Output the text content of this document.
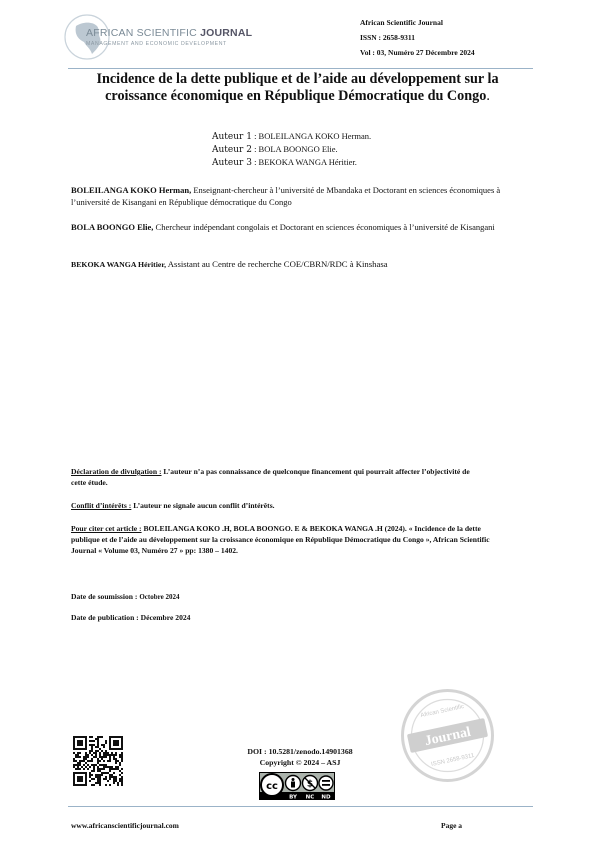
AFRICAN SCIENTIFIC JOURNAL
MANAGEMENT AND ECONOMIC DEVELOPMENT
African Scientific Journal
ISSN : 2658-9311
Vol : 03, Numéro 27 Décembre 2024
Incidence de la dette publique et de l’aide au développement sur la
croissance économique en République Démocratique du Congo.
Auteur 1 : BOLEILANGA KOKO Herman.
Auteur 2 : BOLA BOONGO Elie.
Auteur 3 : BEKOKA WANGA Héritier.
BOLEILANGA KOKO Herman, Enseignant-chercheur à l’université de Mbandaka et Doctorant en sciences économiques à l’université de Kisangani en République démocratique du Congo
BOLA BOONGO Elie, Chercheur indépendant congolais et Doctorant en sciences économiques à l’université de Kisangani
BEKOKA WANGA Héritier, Assistant au Centre de recherche COE/CBRN/RDC à Kinshasa
Déclaration de divulgation : L’auteur n’a pas connaissance de quelconque financement qui pourrait affecter l’objectivité de cette étude.
Conflit d’intérêts : L’auteur ne signale aucun conflit d’intérêts.
Pour citer cet article : BOLEILANGA KOKO .H, BOLA BOONGO. E & BEKOKA WANGA .H (2024). « Incidence de la dette publique et de l’aide au développement sur la croissance économique en République Démocratique du Congo », African Scientific Journal « Volume 03, Numéro 27 » pp: 1380 – 1402.
Date de soumission : Octobre 2024
Date de publication : Décembre 2024
Journal
African Scientific
ISSN 2658-9311
DOI : 10.5281/zenodo.14901368
Copyright © 2024 – ASJ
cc	$
BY NC ND
www.africanscientificjournal.com	Page a
